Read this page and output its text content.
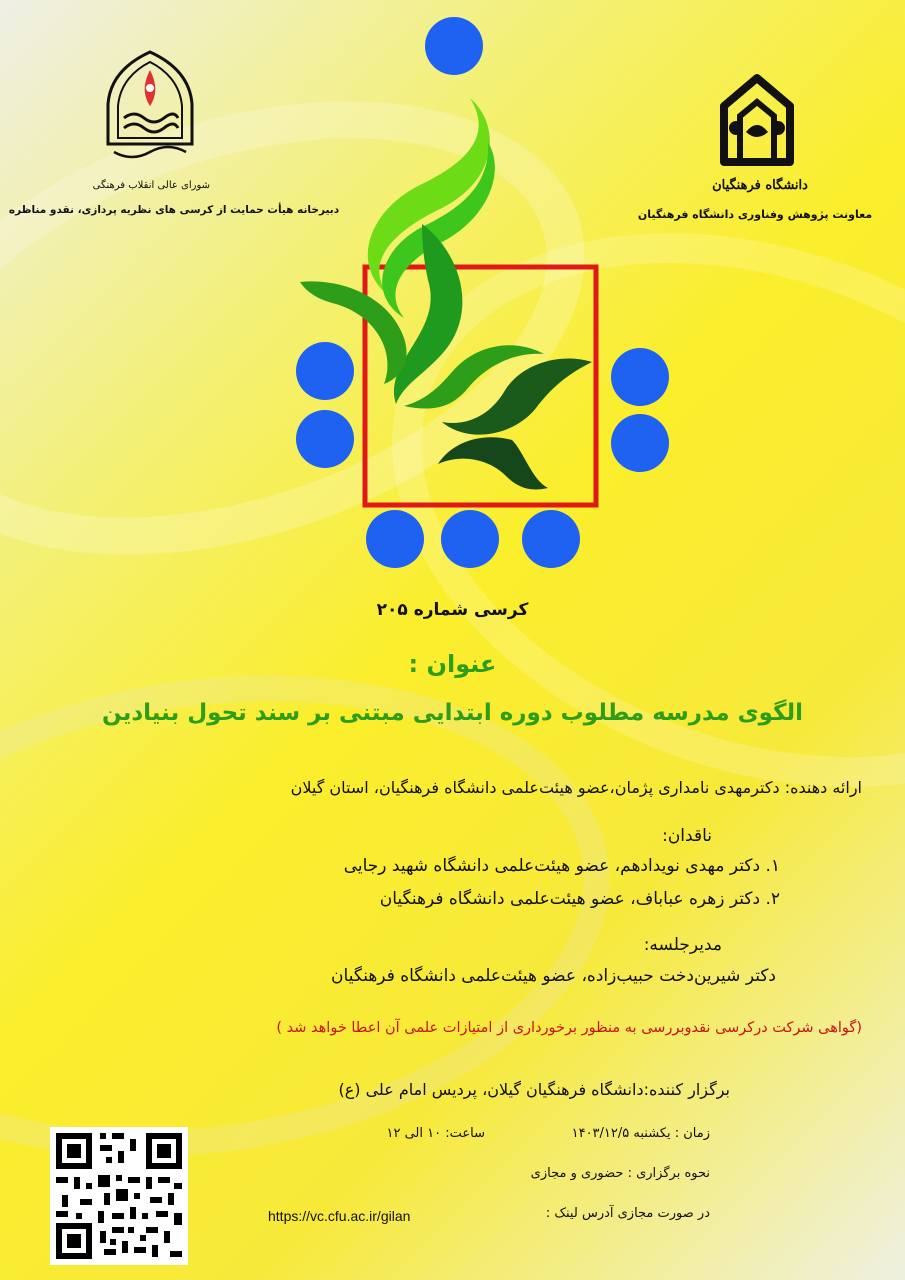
شورای عالی انقلاب فرهنگی
دبیرخانه هیأت حمایت از کرسی های نظریه پردازی، نقدو مناظره
دانشگاه فرهنگیان
معاونت پژوهش وفناوری دانشگاه فرهنگیان
کرسی شماره ۲۰۵
عنوان :
الگوی مدرسه مطلوب دوره ابتدایی مبتنی بر سند تحول بنیادین
ارائه دهنده: دکترمهدی نامداری پژمان،عضو هیئت‌علمی دانشگاه فرهنگیان، استان گیلان
ناقدان:
۱. دکتر مهدی نویدادهم، عضو هیئت‌علمی دانشگاه شهید رجایی
۲. دکتر زهره عباباف، عضو هیئت‌علمی دانشگاه فرهنگیان
مدیرجلسه:
دکتر شیرین‌دخت حبیب‌زاده، عضو هیئت‌علمی دانشگاه فرهنگیان
(گواهی شرکت درکرسی نقدوبررسی به منظور برخورداری از امتیازات علمی آن اعطا خواهد شد )
برگزار کننده:دانشگاه فرهنگیان گیلان، پردیس امام علی (ع)
زمان : یکشنبه ۱۴۰۳/۱۲/۵
ساعت: ۱۰ الی ۱۲
نحوه برگزاری : حضوری و مجازی
در صورت مجازی آدرس لینک :
https://vc.cfu.ac.ir/gilan
